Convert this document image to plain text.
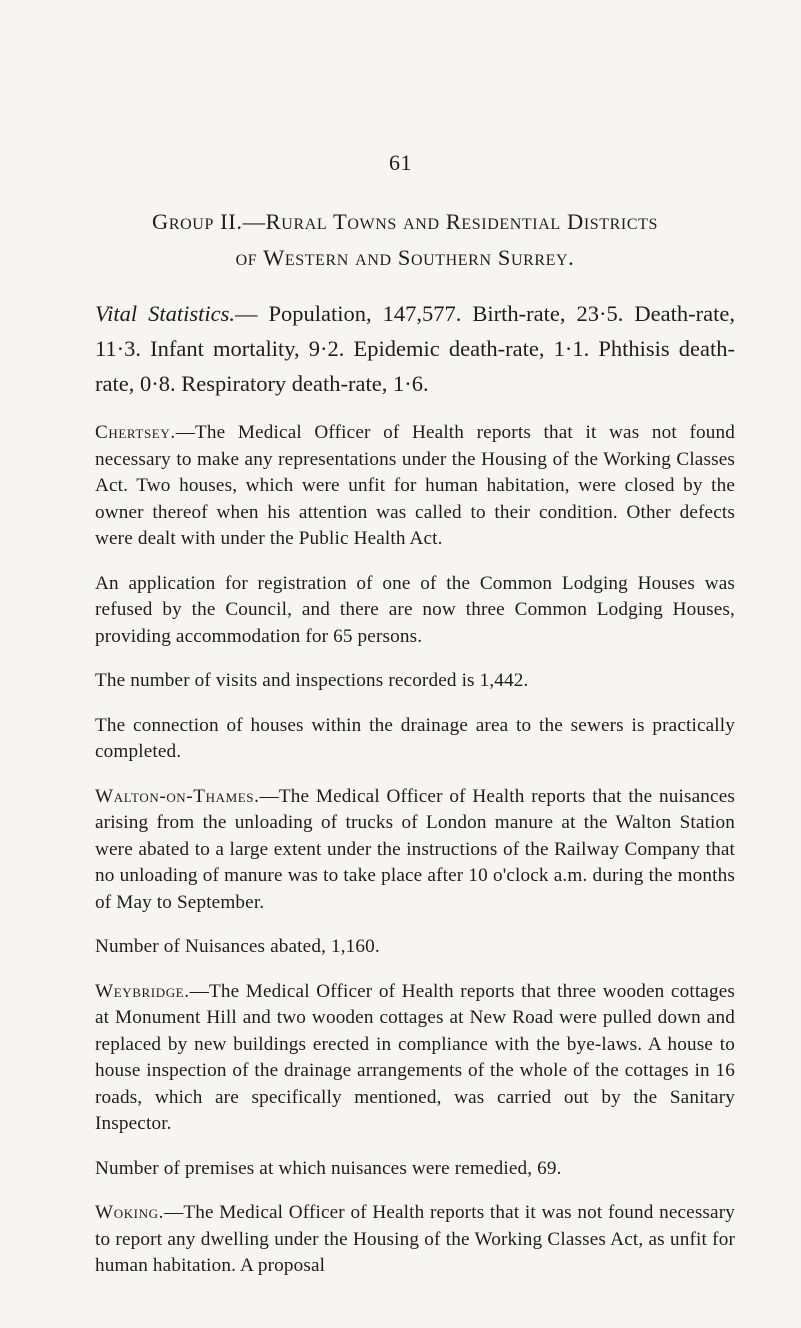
61
Group II.—Rural Towns and Residential Districts
of Western and Southern Surrey.

Vital Statistics.— Population, 147,577. Birth-rate, 23·5. Death-rate, 11·3. Infant mortality, 9·2. Epidemic death-rate, 1·1. Phthisis death-rate, 0·8. Respiratory death-rate, 1·6.

Chertsey.—The Medical Officer of Health reports that it was not found necessary to make any representations under the Housing of the Working Classes Act. Two houses, which were unfit for human habitation, were closed by the owner thereof when his attention was called to their condition. Other defects were dealt with under the Public Health Act.

An application for registration of one of the Common Lodging Houses was refused by the Council, and there are now three Common Lodging Houses, providing accommodation for 65 persons.

The number of visits and inspections recorded is 1,442.

The connection of houses within the drainage area to the sewers is practically completed.

Walton-on-Thames.—The Medical Officer of Health reports that the nuisances arising from the unloading of trucks of London manure at the Walton Station were abated to a large extent under the instructions of the Railway Company that no unloading of manure was to take place after 10 o'clock a.m. during the months of May to September.

Number of Nuisances abated, 1,160.

Weybridge.—The Medical Officer of Health reports that three wooden cottages at Monument Hill and two wooden cottages at New Road were pulled down and replaced by new buildings erected in compliance with the bye-laws. A house to house inspection of the drainage arrangements of the whole of the cottages in 16 roads, which are specifically mentioned, was carried out by the Sanitary Inspector.

Number of premises at which nuisances were remedied, 69.

Woking.—The Medical Officer of Health reports that it was not found necessary to report any dwelling under the Housing of the Working Classes Act, as unfit for human habitation. A proposal
